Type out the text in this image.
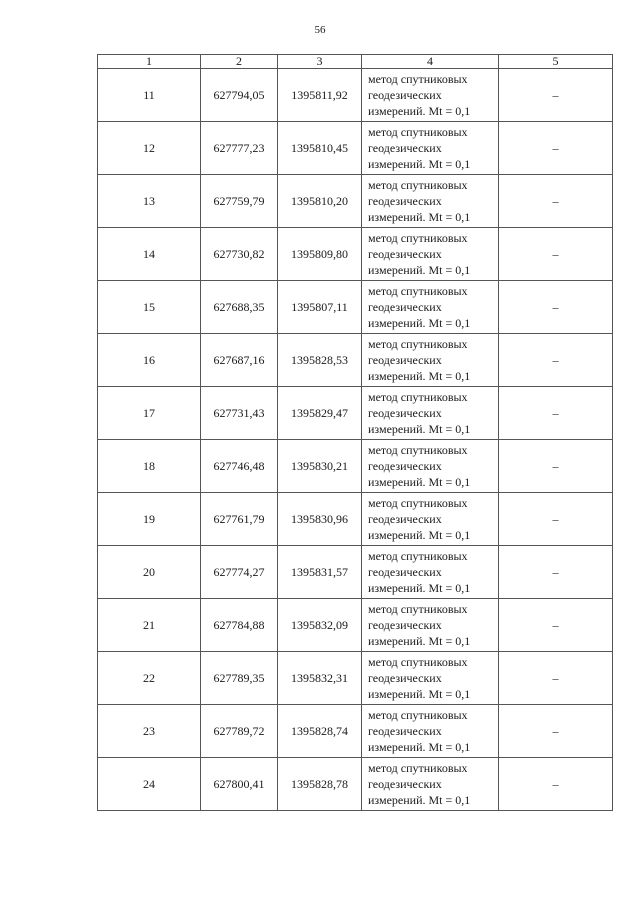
56
1	2	3	4	5
11	627794,05	1395811,92	метод спутниковых
геодезических
измерений. Mt = 0,1	–
12	627777,23	1395810,45	метод спутниковых
геодезических
измерений. Mt = 0,1	–
13	627759,79	1395810,20	метод спутниковых
геодезических
измерений. Mt = 0,1	–
14	627730,82	1395809,80	метод спутниковых
геодезических
измерений. Mt = 0,1	–
15	627688,35	1395807,11	метод спутниковых
геодезических
измерений. Mt = 0,1	–
16	627687,16	1395828,53	метод спутниковых
геодезических
измерений. Mt = 0,1	–
17	627731,43	1395829,47	метод спутниковых
геодезических
измерений. Mt = 0,1	–
18	627746,48	1395830,21	метод спутниковых
геодезических
измерений. Mt = 0,1	–
19	627761,79	1395830,96	метод спутниковых
геодезических
измерений. Mt = 0,1	–
20	627774,27	1395831,57	метод спутниковых
геодезических
измерений. Mt = 0,1	–
21	627784,88	1395832,09	метод спутниковых
геодезических
измерений. Mt = 0,1	–
22	627789,35	1395832,31	метод спутниковых
геодезических
измерений. Mt = 0,1	–
23	627789,72	1395828,74	метод спутниковых
геодезических
измерений. Mt = 0,1	–
24	627800,41	1395828,78	метод спутниковых
геодезических
измерений. Mt = 0,1	–
